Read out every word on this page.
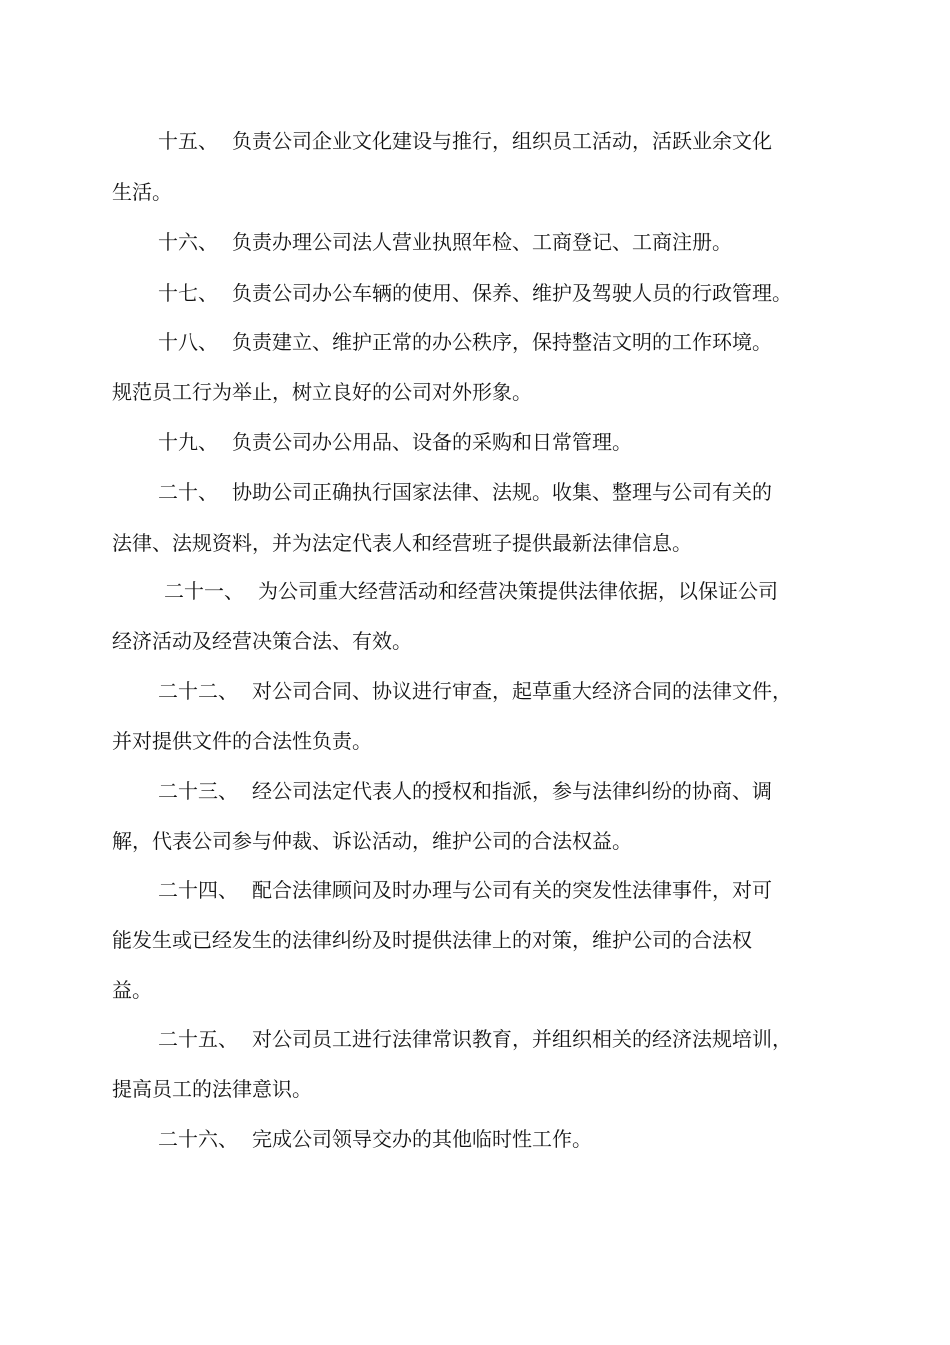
十五、 负责公司企业文化建设与推行，组织员工活动，活跃业余文化
生活。
十六、 负责办理公司法人营业执照年检、工商登记、工商注册。
十七、 负责公司办公车辆的使用、保养、维护及驾驶人员的行政管理。
十八、 负责建立、维护正常的办公秩序，保持整洁文明的工作环境。
规范员工行为举止，树立良好的公司对外形象。
十九、 负责公司办公用品、设备的采购和日常管理。
二十、 协助公司正确执行国家法律、法规。收集、整理与公司有关的
法律、法规资料，并为法定代表人和经营班子提供最新法律信息。
二十一、 为公司重大经营活动和经营决策提供法律依据，以保证公司
经济活动及经营决策合法、有效。
二十二、 对公司合同、协议进行审查，起草重大经济合同的法律文件，
并对提供文件的合法性负责。
二十三、 经公司法定代表人的授权和指派，参与法律纠纷的协商、调
解，代表公司参与仲裁、诉讼活动，维护公司的合法权益。
二十四、 配合法律顾问及时办理与公司有关的突发性法律事件，对可
能发生或已经发生的法律纠纷及时提供法律上的对策，维护公司的合法权
益。
二十五、 对公司员工进行法律常识教育，并组织相关的经济法规培训，
提高员工的法律意识。
二十六、 完成公司领导交办的其他临时性工作。
